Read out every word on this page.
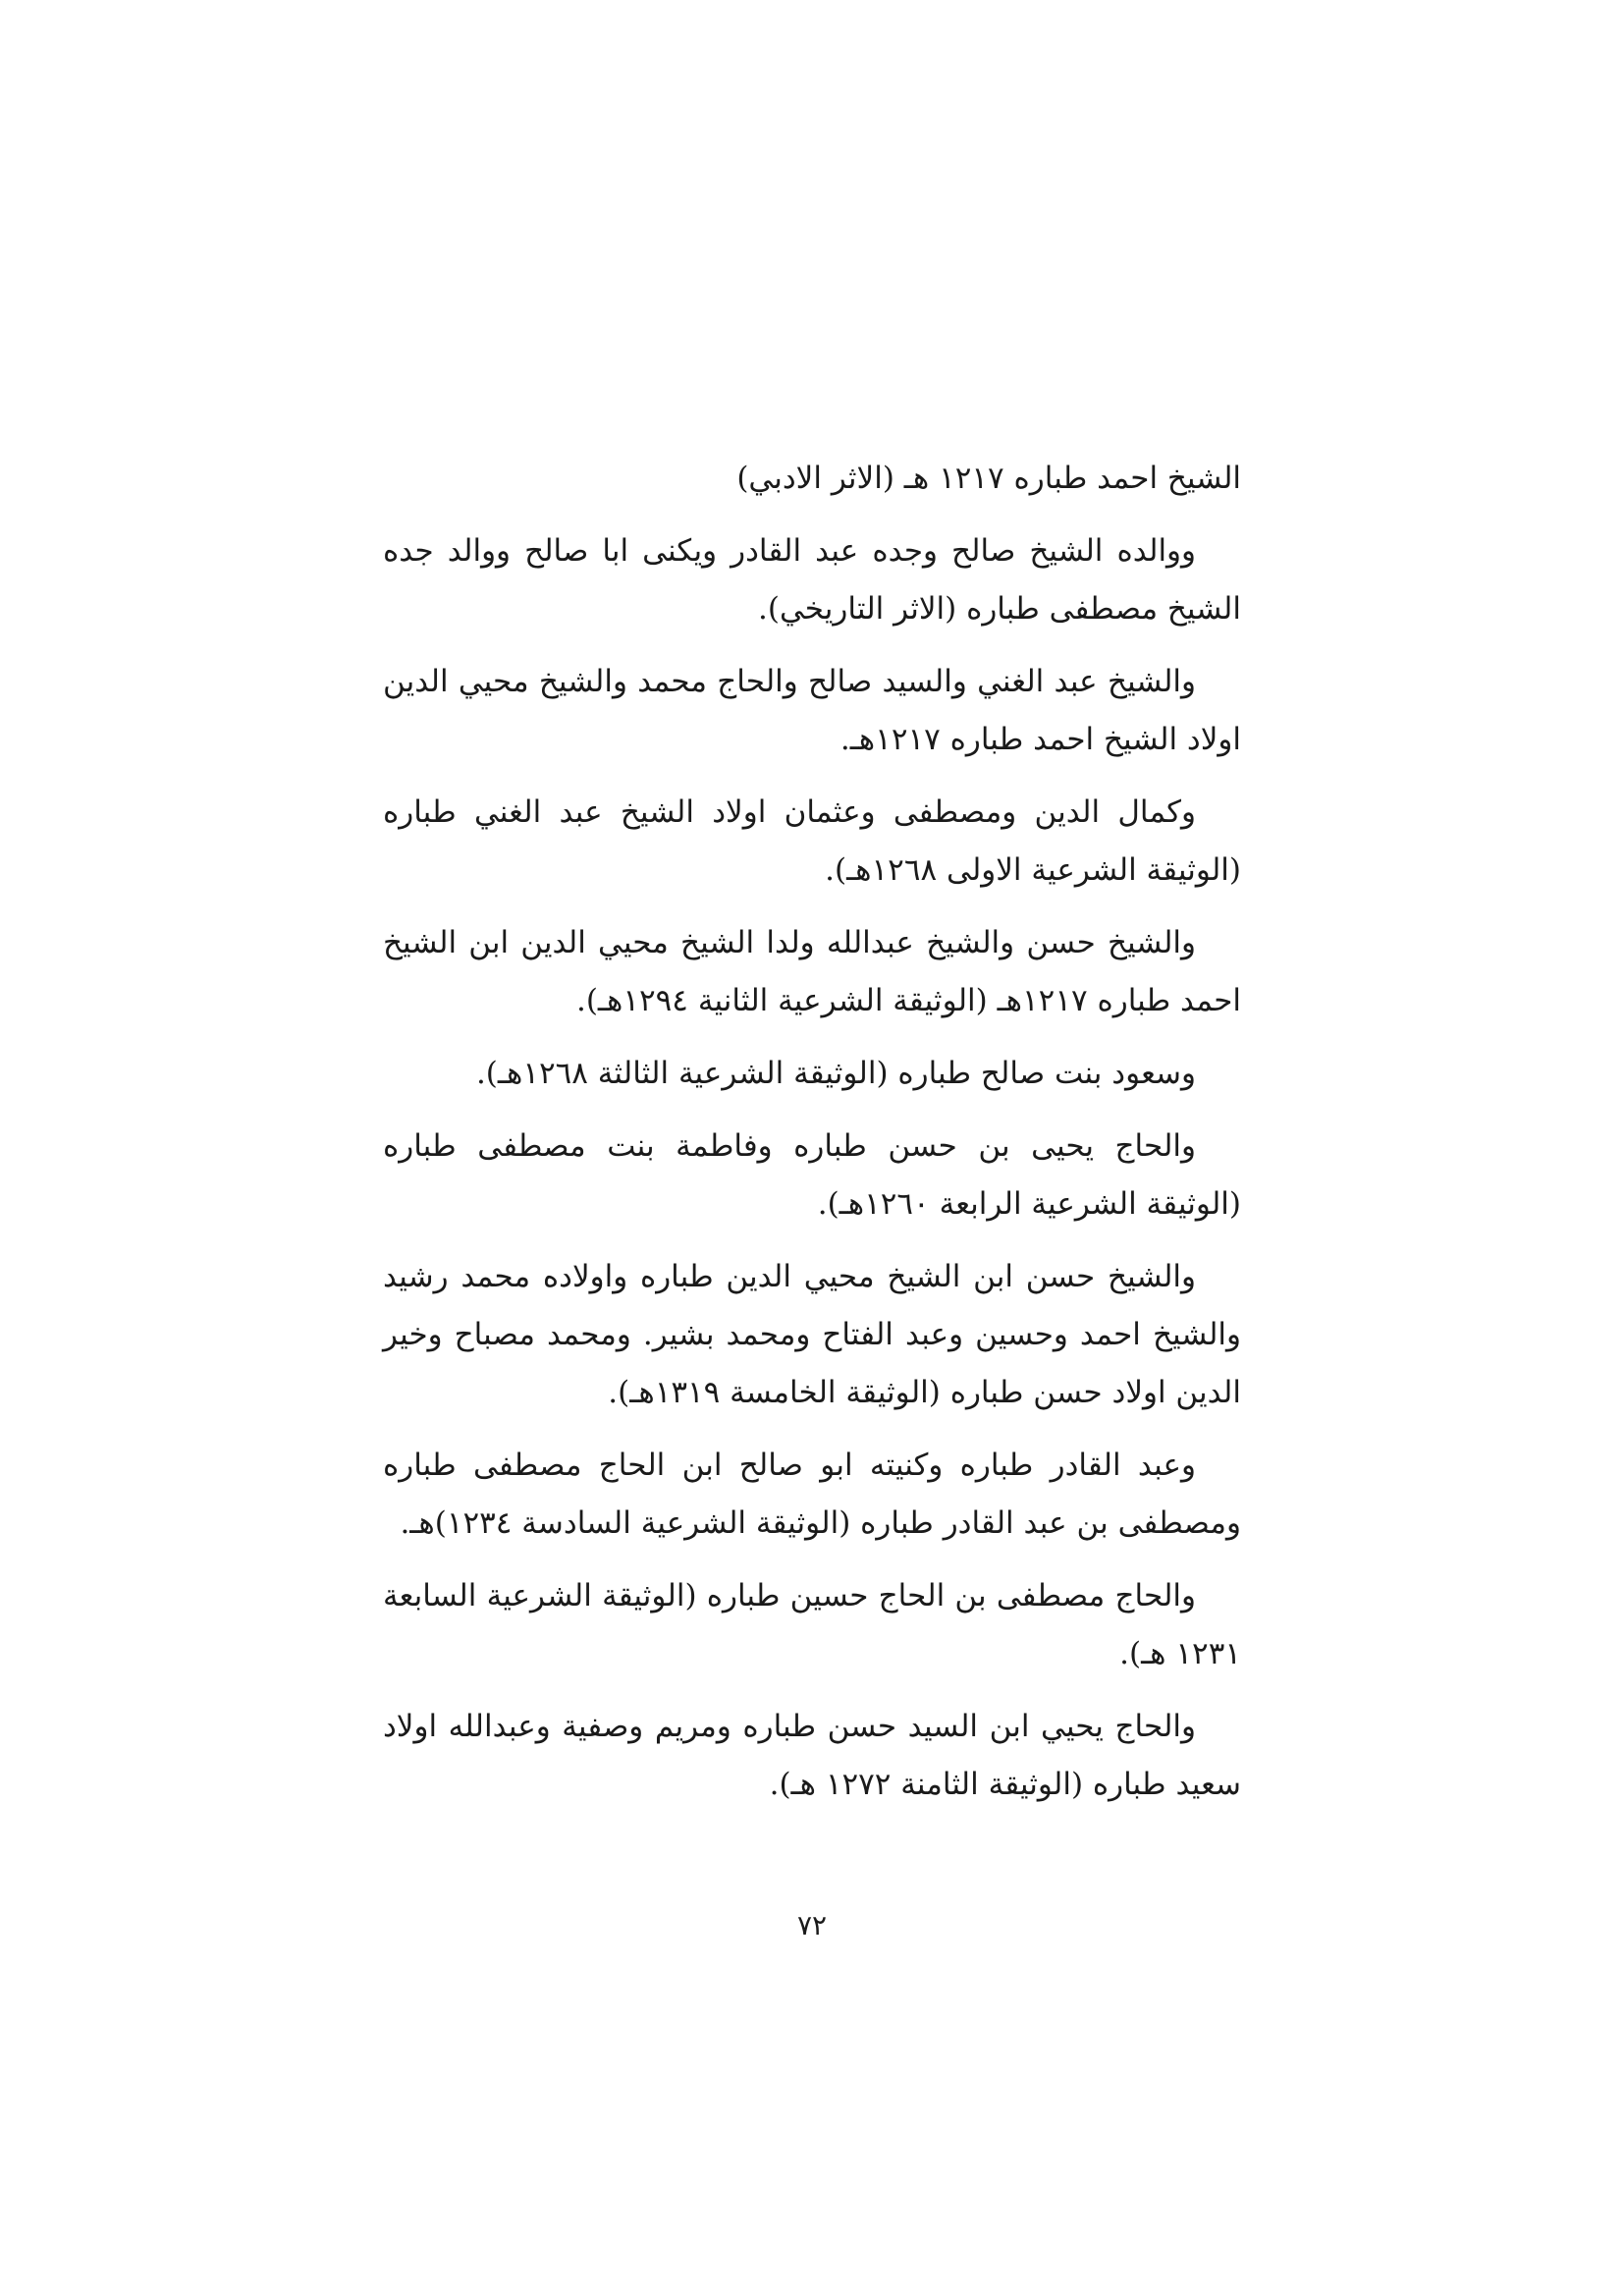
الشيخ احمد طباره ١٢١٧ هـ (الاثر الادبي)

ووالده الشيخ صالح وجده عبد القادر ويكنى ابا صالح ووالد جده الشيخ مصطفى طباره (الاثر التاريخي).

والشيخ عبد الغني والسيد صالح والحاج محمد والشيخ محيي الدين اولاد الشيخ احمد طباره ١٢١٧هـ.

وكمال الدين ومصطفى وعثمان اولاد الشيخ عبد الغني طباره (الوثيقة الشرعية الاولى ١٢٦٨هـ).

والشيخ حسن والشيخ عبدالله ولدا الشيخ محيي الدين ابن الشيخ احمد طباره ١٢١٧هـ (الوثيقة الشرعية الثانية ١٢٩٤هـ).

وسعود بنت صالح طباره (الوثيقة الشرعية الثالثة ١٢٦٨هـ).

والحاج يحيى بن حسن طباره وفاطمة بنت مصطفى طباره (الوثيقة الشرعية الرابعة ١٢٦٠هـ).

والشيخ حسن ابن الشيخ محيي الدين طباره واولاده محمد رشيد والشيخ احمد وحسين وعبد الفتاح ومحمد بشير. ومحمد مصباح وخير الدين اولاد حسن طباره (الوثيقة الخامسة ١٣١٩هـ).

وعبد القادر طباره وكنيته ابو صالح ابن الحاج مصطفى طباره ومصطفى بن عبد القادر طباره (الوثيقة الشرعية السادسة ١٢٣٤)هـ.

والحاج مصطفى بن الحاج حسين طباره (الوثيقة الشرعية السابعة ١٢٣١ هـ).

والحاج يحيي ابن السيد حسن طباره ومريم وصفية وعبدالله اولاد سعيد طباره (الوثيقة الثامنة ١٢٧٢ هـ).

٧٢
